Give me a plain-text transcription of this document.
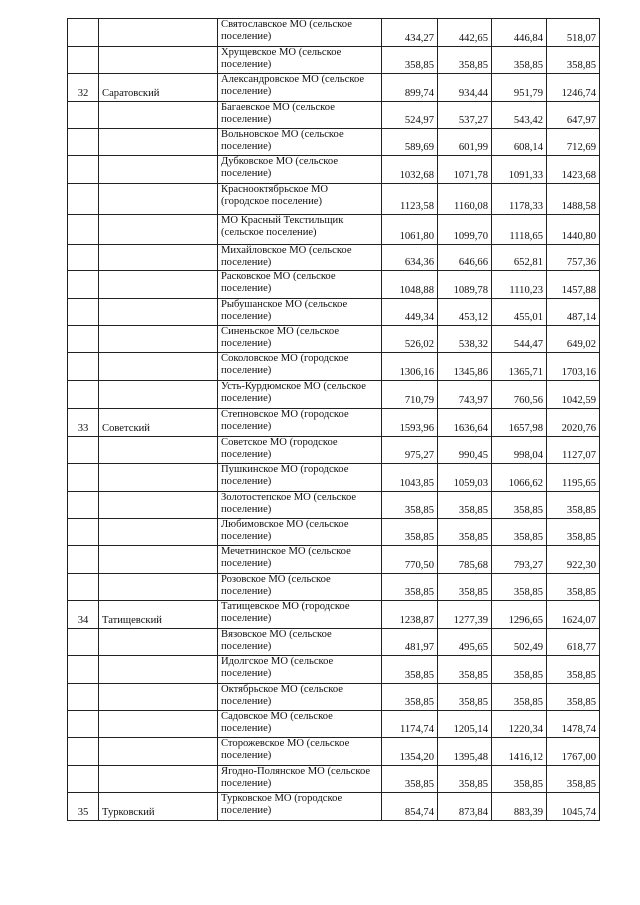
		Святославское МО (сельское поселение)	434,27	442,65	446,84	518,07
		Хрущевское МО (сельское поселение)	358,85	358,85	358,85	358,85
32	Саратовский	Александровское МО (сельское поселение)	899,74	934,44	951,79	1246,74
		Багаевское МО (сельское поселение)	524,97	537,27	543,42	647,97
		Вольновское МО (сельское поселение)	589,69	601,99	608,14	712,69
		Дубковское МО (сельское поселение)	1032,68	1071,78	1091,33	1423,68
		Краснооктябрьское МО (городское поселение)	1123,58	1160,08	1178,33	1488,58
		МО Красный Текстильщик (сельское поселение)	1061,80	1099,70	1118,65	1440,80
		Михайловское МО (сельское поселение)	634,36	646,66	652,81	757,36
		Расковское МО (сельское поселение)	1048,88	1089,78	1110,23	1457,88
		Рыбушанское МО (сельское поселение)	449,34	453,12	455,01	487,14
		Синеньское МО (сельское поселение)	526,02	538,32	544,47	649,02
		Соколовское МО (городское поселение)	1306,16	1345,86	1365,71	1703,16
		Усть-Курдюмское МО (сельское поселение)	710,79	743,97	760,56	1042,59
33	Советский	Степновское МО (городское поселение)	1593,96	1636,64	1657,98	2020,76
		Советское МО (городское поселение)	975,27	990,45	998,04	1127,07
		Пушкинское МО (городское поселение)	1043,85	1059,03	1066,62	1195,65
		Золотостепское МО (сельское поселение)	358,85	358,85	358,85	358,85
		Любимовское МО (сельское поселение)	358,85	358,85	358,85	358,85
		Мечетнинское МО (сельское поселение)	770,50	785,68	793,27	922,30
		Розовское МО (сельское поселение)	358,85	358,85	358,85	358,85
34	Татищевский	Татищевское МО (городское поселение)	1238,87	1277,39	1296,65	1624,07
		Вязовское МО (сельское поселение)	481,97	495,65	502,49	618,77
		Идолгское МО (сельское поселение)	358,85	358,85	358,85	358,85
		Октябрьское МО (сельское поселение)	358,85	358,85	358,85	358,85
		Садовское МО (сельское поселение)	1174,74	1205,14	1220,34	1478,74
		Сторожевское МО (сельское поселение)	1354,20	1395,48	1416,12	1767,00
		Ягодно-Полянское МО (сельское поселение)	358,85	358,85	358,85	358,85
35	Турковский	Турковское МО (городское поселение)	854,74	873,84	883,39	1045,74
